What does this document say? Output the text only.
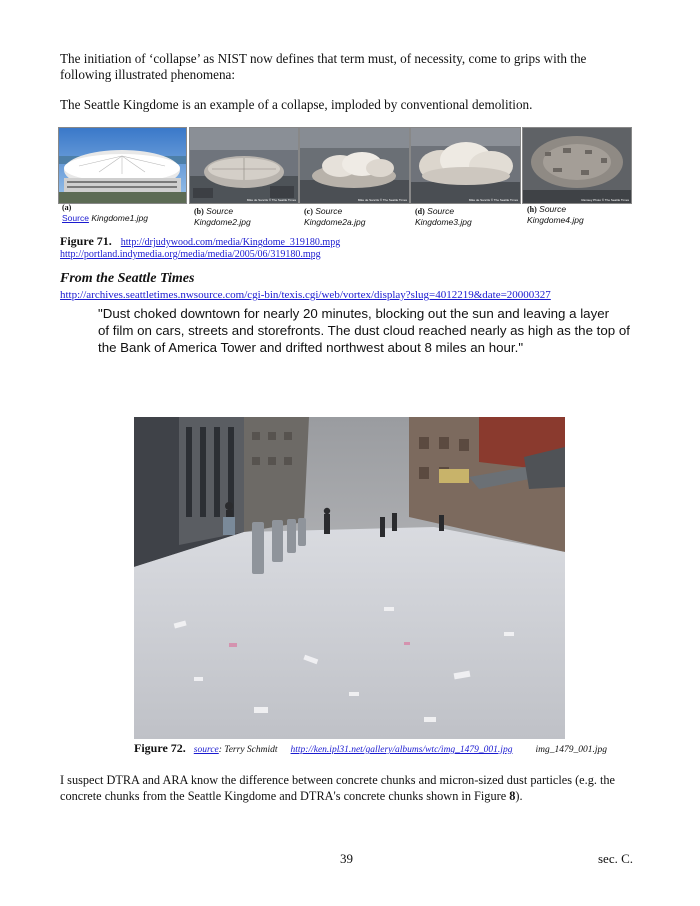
The initiation of ‘collapse’ as NIST now defines that term must, of necessity, come to grips with the
following illustrated phenomena:
The Seattle Kingdome is an example of a collapse, imploded by conventional demolition.
Mike de Sanctis © The Seattle Times	Mike de Sanctis © The Seattle Times	Mike de Sanctis © The Seattle Times	Ramsey Photo © The Seattle Times
(a)
Source Kingdome1.jpg
(b) Source
Kingdome2.jpg
(c) Source
Kingdome2a.jpg
(d) Source
Kingdome3.jpg
(h) Source
Kingdome4.jpg
Figure 71. http://drjudywood.com/media/Kingdome_319180.mpg
http://portland.indymedia.org/media/media/2005/06/319180.mpg
From the Seattle Times
http://archives.seattletimes.nwsource.com/cgi-bin/texis.cgi/web/vortex/display?slug=4012219&date=20000327
"Dust choked downtown for nearly 20 minutes, blocking out the sun and leaving a layer
of film on cars, streets and storefronts. The dust cloud reached nearly as high as the top of
the Bank of America Tower and drifted northwest about 8 miles an hour."
Figure 72. source: Terry Schmidt http://ken.ipl31.net/gallery/albums/wtc/img_1479_001.jpg img_1479_001.jpg
I suspect DTRA and ARA know the difference between concrete chunks and micron-sized dust particles (e.g. the
concrete chunks from the Seattle Kingdome and DTRA's concrete chunks shown in Figure 8).
39	sec. C.
